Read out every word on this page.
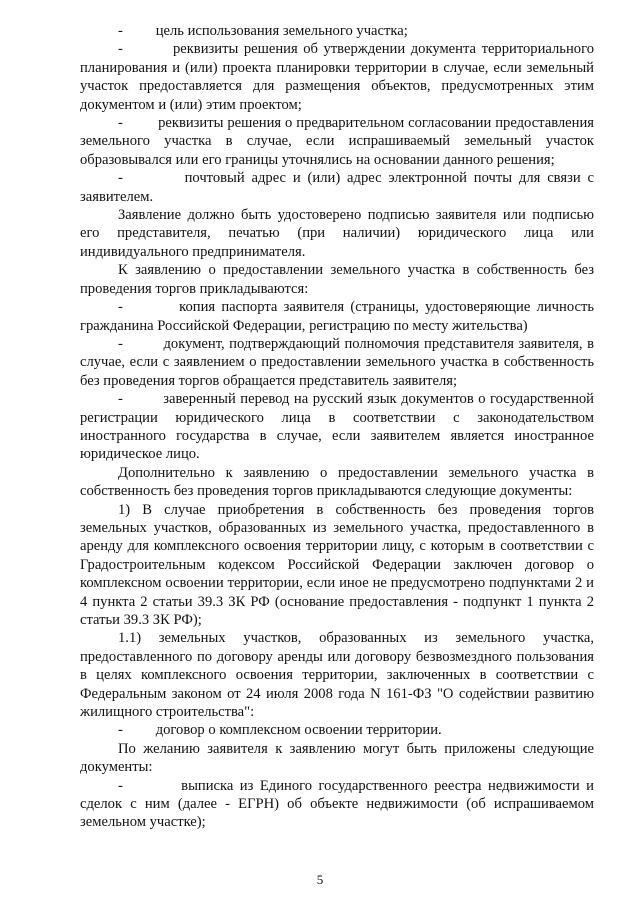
-         цель использования земельного участка;

-         реквизиты решения об утверждении документа территориального планирования и (или) проекта планировки территории в случае, если земельный участок предоставляется для размещения объектов, предусмотренных этим документом и (или) этим проектом;

-         реквизиты решения о предварительном согласовании предоставления земельного участка в случае, если испрашиваемый земельный участок образовывался или его границы уточнялись на основании данного решения;

-         почтовый адрес и (или) адрес электронной почты для связи с заявителем.

Заявление должно быть удостоверено подписью заявителя или подписью его представителя, печатью (при наличии) юридического лица или индивидуального предпринимателя.

К заявлению о предоставлении земельного участка в собственность без проведения торгов прикладываются:

-         копия паспорта заявителя (страницы, удостоверяющие личность гражданина Российской Федерации, регистрацию по месту жительства)

-         документ, подтверждающий полномочия представителя заявителя, в случае, если с заявлением о предоставлении земельного участка в собственность без проведения торгов обращается представитель заявителя;

-         заверенный перевод на русский язык документов о государственной регистрации юридического лица в соответствии с законодательством иностранного государства в случае, если заявителем является иностранное юридическое лицо.

Дополнительно к заявлению о предоставлении земельного участка в собственность без проведения торгов прикладываются следующие документы:

1) В случае приобретения в собственность без проведения торгов земельных участков, образованных из земельного участка, предоставленного в аренду для комплексного освоения территории лицу, с которым в соответствии с Градостроительным кодексом Российской Федерации заключен договор о комплексном освоении территории, если иное не предусмотрено подпунктами 2 и 4 пункта 2 статьи 39.3 ЗК РФ (основание предоставления - подпункт 1 пункта 2 статьи 39.3 ЗК РФ);

1.1) земельных участков, образованных из земельного участка, предоставленного по договору аренды или договору безвозмездного пользования в целях комплексного освоения территории, заключенных в соответствии с Федеральным законом от 24 июля 2008 года N 161-ФЗ "О содействии развитию жилищного строительства":

-         договор о комплексном освоении территории.

По желанию заявителя к заявлению могут быть приложены следующие документы:

-         выписка из Единого государственного реестра недвижимости и сделок с ним (далее - ЕГРН) об объекте недвижимости (об испрашиваемом земельном участке);

5
